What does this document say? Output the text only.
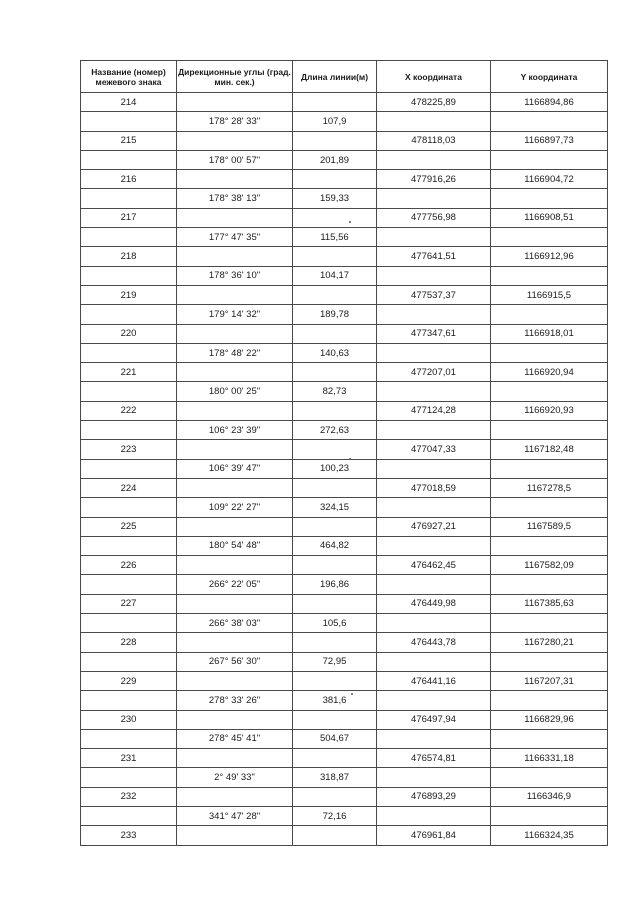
Название (номер) межевого знака	Дирекционные углы (град. мин. сек.)	Длина линии(м)	X координата	Y координата
214			478225,89	1166894,86
	178° 28' 33"	107,9		
215			478118,03	1166897,73
	178° 00' 57"	201,89		
216			477916,26	1166904,72
	178° 38' 13"	159,33		
217			477756,98	1166908,51
	177° 47' 35"	115,56		
218			477641,51	1166912,96
	178° 36' 10"	104,17		
219			477537,37	1166915,5
	179° 14' 32"	189,78		
220			477347,61	1166918,01
	178° 48' 22"	140,63		
221			477207,01	1166920,94
	180° 00' 25"	82,73		
222			477124,28	1166920,93
	106° 23' 39"	272,63		
223			477047,33	1167182,48
	106° 39' 47"	100,23		
224			477018,59	1167278,5
	109° 22' 27"	324,15		
225			476927,21	1167589,5
	180° 54' 48"	464,82		
226			476462,45	1167582,09
	266° 22' 05"	196,86		
227			476449,98	1167385,63
	266° 38' 03"	105,6		
228			476443,78	1167280,21
	267° 56' 30"	72,95		
229			476441,16	1167207,31
	278° 33' 26"	381,6		
230			476497,94	1166829,96
	278° 45' 41"	504,67		
231			476574,81	1166331,18
	2° 49' 33"	318,87		
232			476893,29	1166346,9
	341° 47' 28"	72,16		
233			476961,84	1166324,35
